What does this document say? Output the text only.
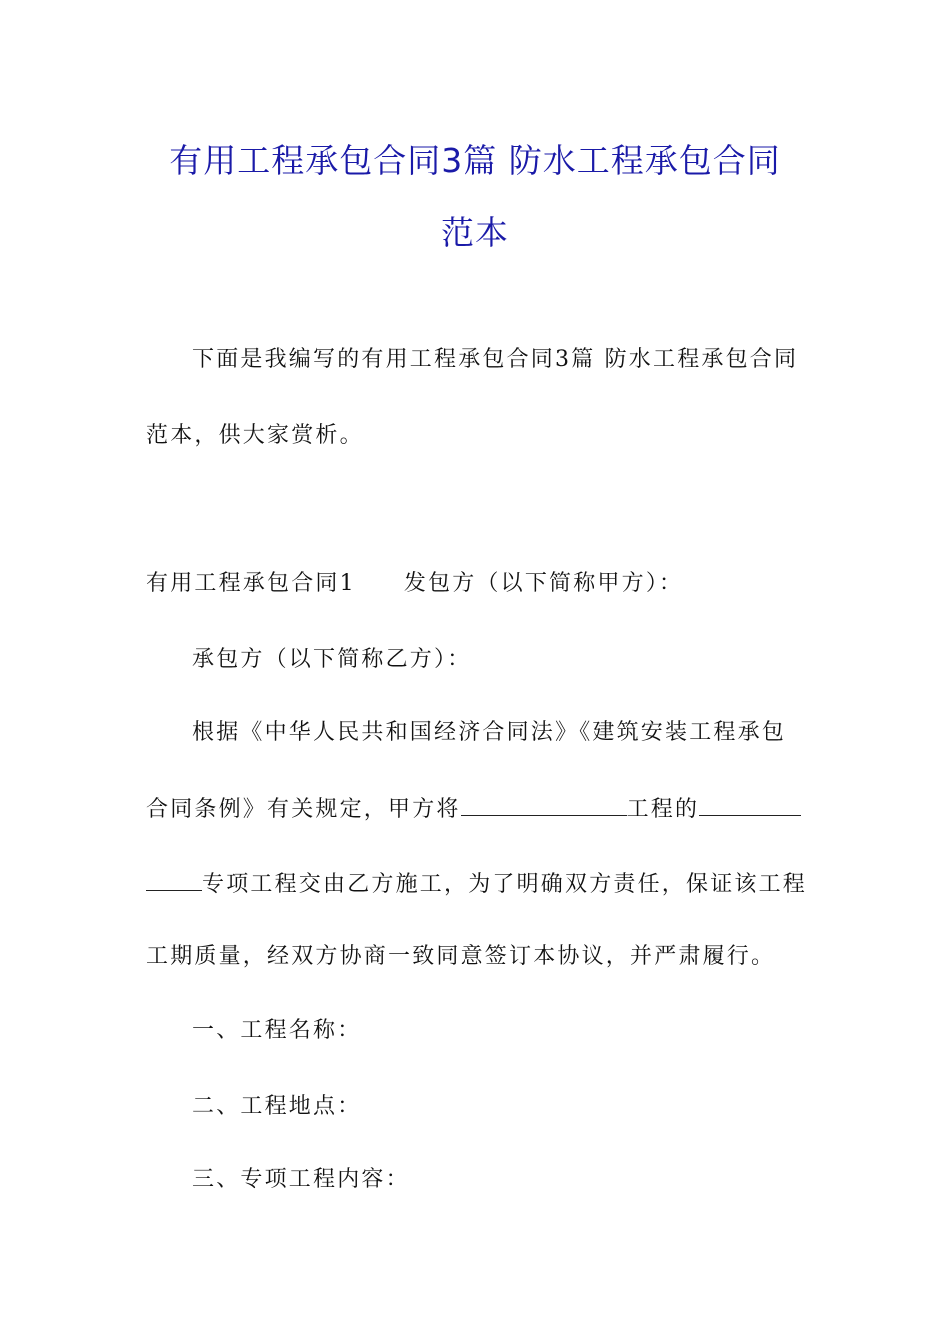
有用工程承包合同3篇 防水工程承包合同
范本
下面是我编写的有用工程承包合同3篇 防水工程承包合同
范本，供大家赏析。
有用工程承包合同1 发包方（以下简称甲方）：
承包方（以下简称乙方）：
根据《中华人民共和国经济合同法》《建筑安装工程承包
合同条例》有关规定，甲方将	工程的
专项工程交由乙方施工，为了明确双方责任，保证该工程
工期质量，经双方协商一致同意签订本协议，并严肃履行。
一、工程名称：
二、工程地点：
三、专项工程内容：
